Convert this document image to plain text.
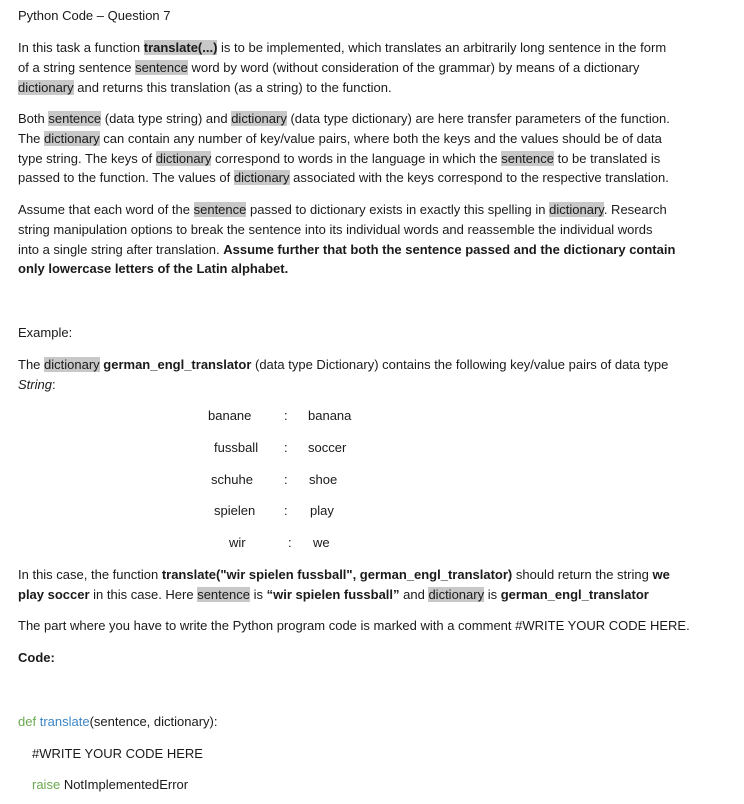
Python Code – Question 7
In this task a function translate(...) is to be implemented, which translates an arbitrarily long sentence in the form
of a string sentence sentence word by word (without consideration of the grammar) by means of a dictionary
dictionary and returns this translation (as a string) to the function.
Both sentence (data type string) and dictionary (data type dictionary) are here transfer parameters of the function.
The dictionary can contain any number of key/value pairs, where both the keys and the values should be of data
type string. The keys of dictionary correspond to words in the language in which the sentence to be translated is
passed to the function. The values of dictionary associated with the keys correspond to the respective translation.
Assume that each word of the sentence passed to dictionary exists in exactly this spelling in dictionary. Research
string manipulation options to break the sentence into its individual words and reassemble the individual words
into a single string after translation. Assume further that both the sentence passed and the dictionary contain
only lowercase letters of the Latin alphabet.
Example:
The dictionary german_engl_translator (data type Dictionary) contains the following key/value pairs of data type
String:
banane	: banana
fussball : soccer
schuhe : shoe
spielen : play
wir	: we
In this case, the function translate("wir spielen fussball", german_engl_translator) should return the string we
play soccer in this case. Here sentence is “wir spielen fussball” and dictionary is german_engl_translator
The part where you have to write the Python program code is marked with a comment #WRITE YOUR CODE HERE.
Code:
def translate(sentence, dictionary):
#WRITE YOUR CODE HERE
raise NotImplementedError
